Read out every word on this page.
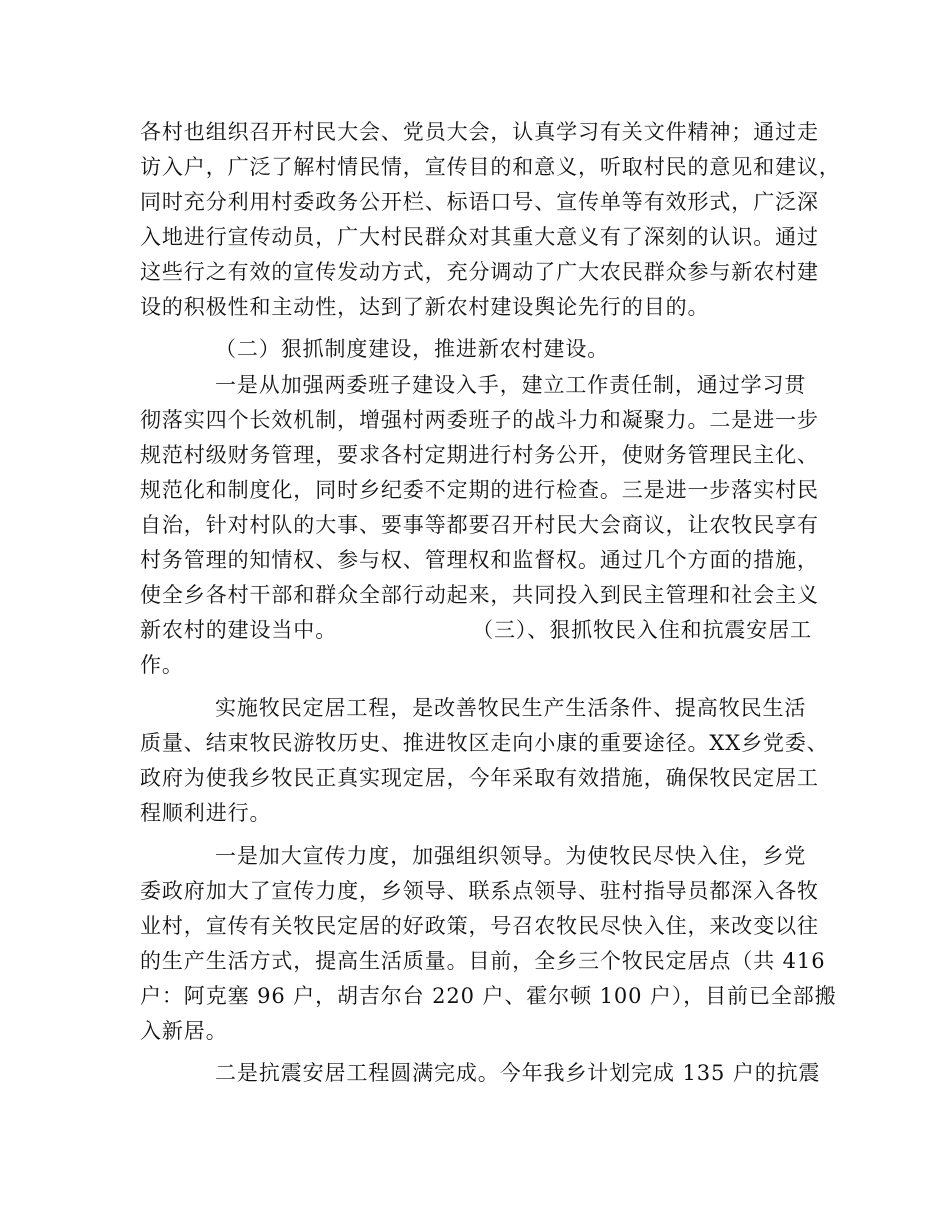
各村也组织召开村民大会、党员大会，认真学习有关文件精神；通过走
访入户，广泛了解村情民情，宣传目的和意义，听取村民的意见和建议，
同时充分利用村委政务公开栏、标语口号、宣传单等有效形式，广泛深
入地进行宣传动员，广大村民群众对其重大意义有了深刻的认识。通过
这些行之有效的宣传发动方式，充分调动了广大农民群众参与新农村建
设的积极性和主动性，达到了新农村建设舆论先行的目的。
（二）狠抓制度建设，推进新农村建设。
一是从加强两委班子建设入手，建立工作责任制，通过学习贯
彻落实四个长效机制，增强村两委班子的战斗力和凝聚力。二是进一步
规范村级财务管理，要求各村定期进行村务公开，使财务管理民主化、
规范化和制度化，同时乡纪委不定期的进行检查。三是进一步落实村民
自治，针对村队的大事、要事等都要召开村民大会商议，让农牧民享有
村务管理的知情权、参与权、管理权和监督权。通过几个方面的措施，
使全乡各村干部和群众全部行动起来，共同投入到民主管理和社会主义
新农村的建设当中。	（三）、狠抓牧民入住和抗震安居工
作。
实施牧民定居工程，是改善牧民生产生活条件、提高牧民生活
质量、结束牧民游牧历史、推进牧区走向小康的重要途径。XX乡党委、
政府为使我乡牧民正真实现定居，今年采取有效措施，确保牧民定居工
程顺利进行。
一是加大宣传力度，加强组织领导。为使牧民尽快入住，乡党
委政府加大了宣传力度，乡领导、联系点领导、驻村指导员都深入各牧
业村，宣传有关牧民定居的好政策，号召农牧民尽快入住，来改变以往
的生产生活方式，提高生活质量。目前，全乡三个牧民定居点（共 416
户：阿克塞 96 户，胡吉尔台 220 户、霍尔顿 100 户），目前已全部搬
入新居。
二是抗震安居工程圆满完成。今年我乡计划完成 135 户的抗震
